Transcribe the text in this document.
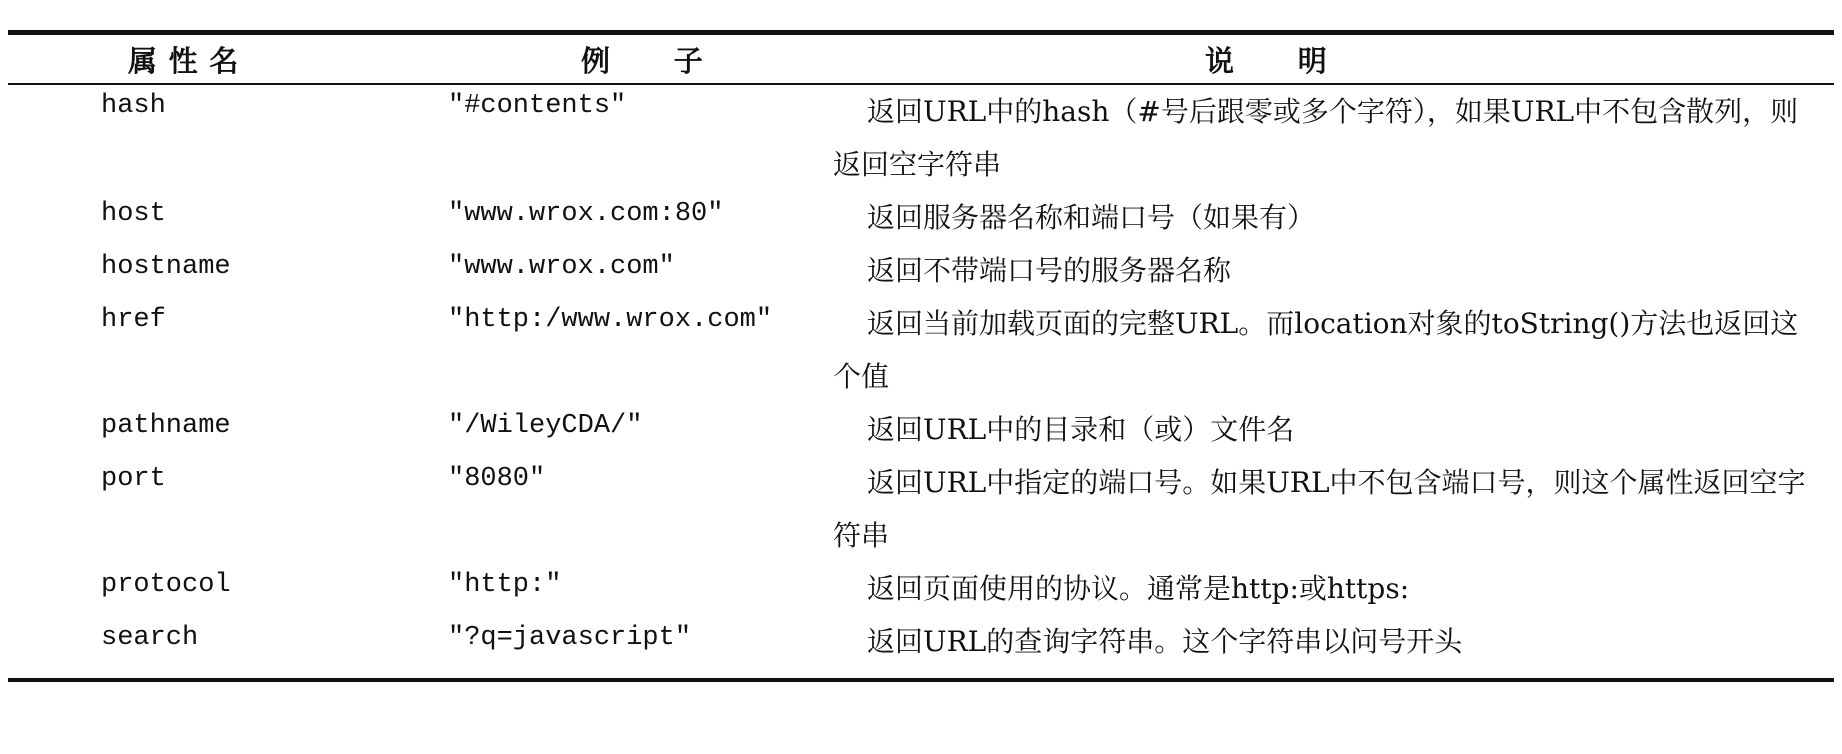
属性名	例子	说明
hash	"#contents"	返回URL中的hash（#号后跟零或多个字符），如果URL中不包含散列，则返回空字符串

host	"www.wrox.com:80"	返回服务器名称和端口号（如果有）

hostname	"www.wrox.com"	返回不带端口号的服务器名称

href	"http:/www.wrox.com"	返回当前加载页面的完整URL。而location对象的toString()方法也返回这个值

pathname	"/WileyCDA/"	返回URL中的目录和（或）文件名

port	"8080"	返回URL中指定的端口号。如果URL中不包含端口号，则这个属性返回空字符串

protocol	"http:"	返回页面使用的协议。通常是http:或https:

search	"?q=javascript"	返回URL的查询字符串。这个字符串以问号开头
